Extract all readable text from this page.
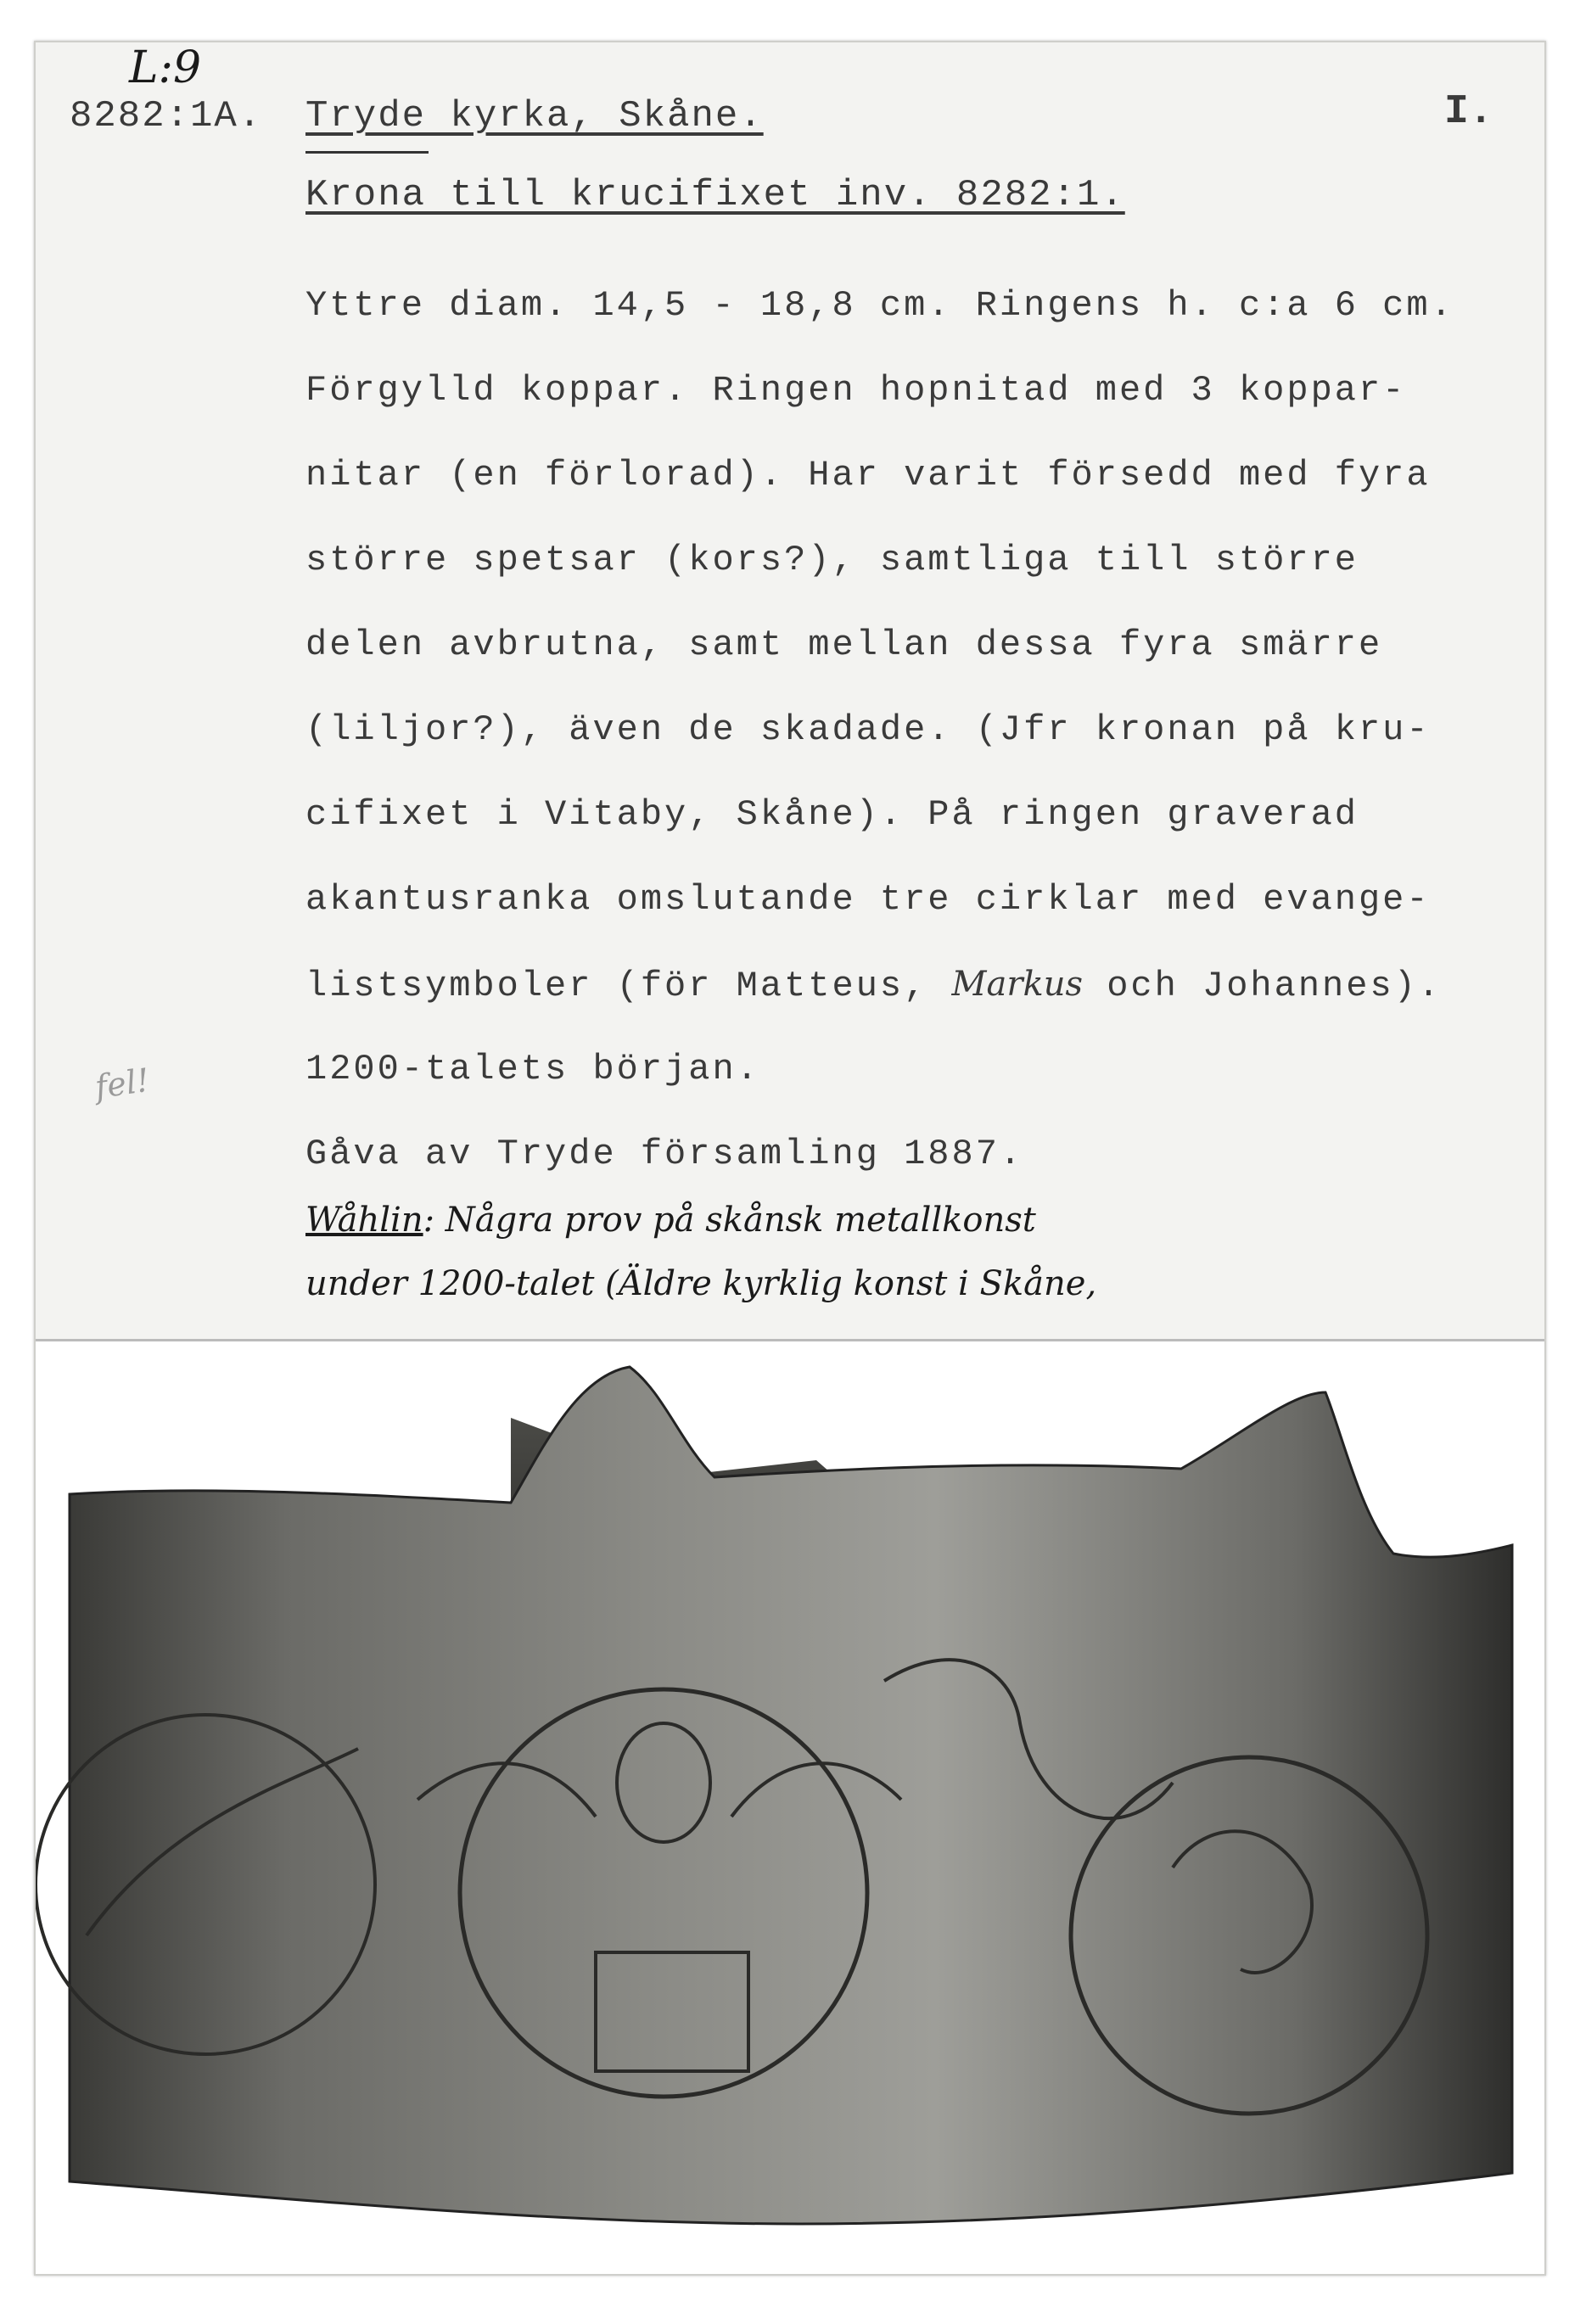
L:9
8282:1A. Tryde kyrka, Skåne.	I.
Krona till krucifixet inv. 8282:1.
Yttre diam. 14,5 - 18,8 cm. Ringens h. c:a 6 cm.
Förgylld koppar. Ringen hopnitad med 3 koppar-
nitar (en förlorad). Har varit försedd med fyra
större spetsar (kors?), samtliga till större
delen avbrutna, samt mellan dessa fyra smärre
(liljor?), även de skadade. (Jfr kronan på kru-
cifixet i Vitaby, Skåne). På ringen graverad
akantusranka omslutande tre cirklar med evange-
listsymboler (för Matteus, Markus och Johannes).
1200-talets början.
Gåva av Tryde församling 1887.
fel!
Wåhlin: Några prov på skånsk metallkonst
under 1200-talet (Äldre kyrklig konst i Skåne,
